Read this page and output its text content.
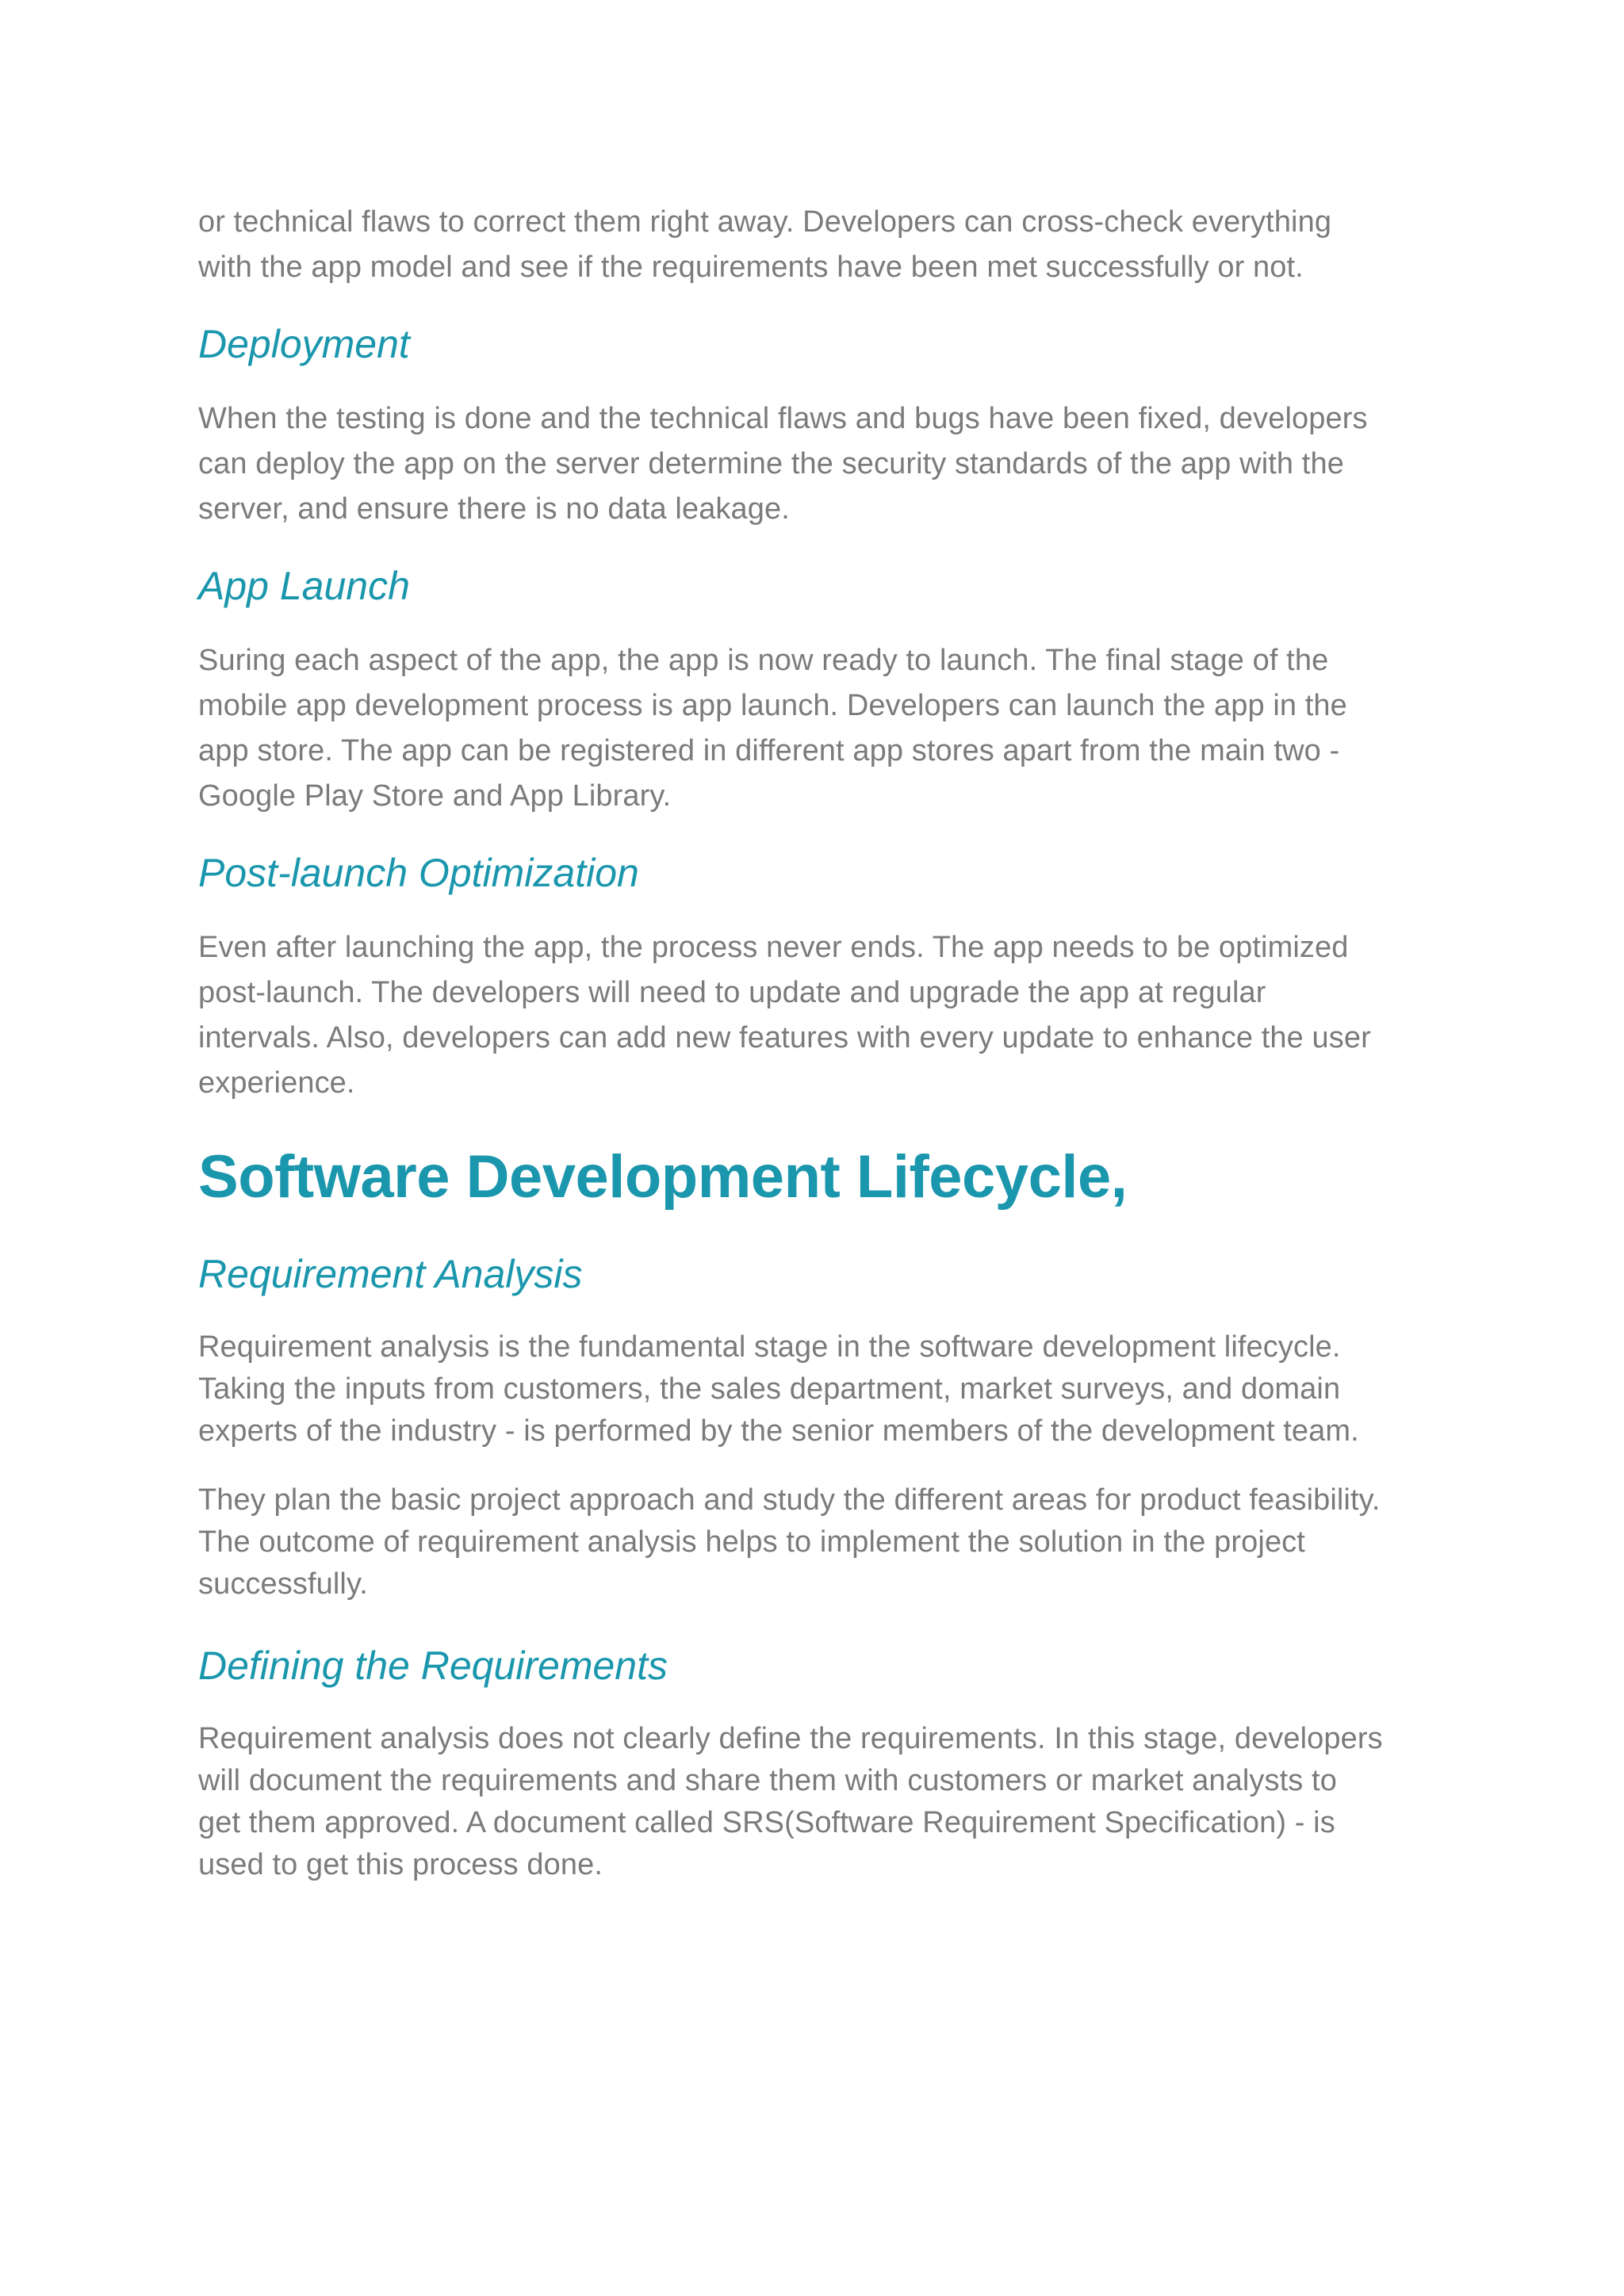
or technical flaws to correct them right away. Developers can cross-check everything
with the app model and see if the requirements have been met successfully or not.

Deployment

When the testing is done and the technical flaws and bugs have been fixed, developers
can deploy the app on the server determine the security standards of the app with the
server, and ensure there is no data leakage.

App Launch

Suring each aspect of the app, the app is now ready to launch. The final stage of the
mobile app development process is app launch. Developers can launch the app in the
app store. The app can be registered in different app stores apart from the main two -
Google Play Store and App Library.

Post-launch Optimization

Even after launching the app, the process never ends. The app needs to be optimized
post-launch. The developers will need to update and upgrade the app at regular
intervals. Also, developers can add new features with every update to enhance the user
experience.

Software Development Lifecycle,
Requirement Analysis

Requirement analysis is the fundamental stage in the software development lifecycle.
Taking the inputs from customers, the sales department, market surveys, and domain
experts of the industry - is performed by the senior members of the development team.

They plan the basic project approach and study the different areas for product feasibility.
The outcome of requirement analysis helps to implement the solution in the project
successfully.

Defining the Requirements

Requirement analysis does not clearly define the requirements. In this stage, developers
will document the requirements and share them with customers or market analysts to
get them approved. A document called SRS(Software Requirement Specification) - is
used to get this process done.
